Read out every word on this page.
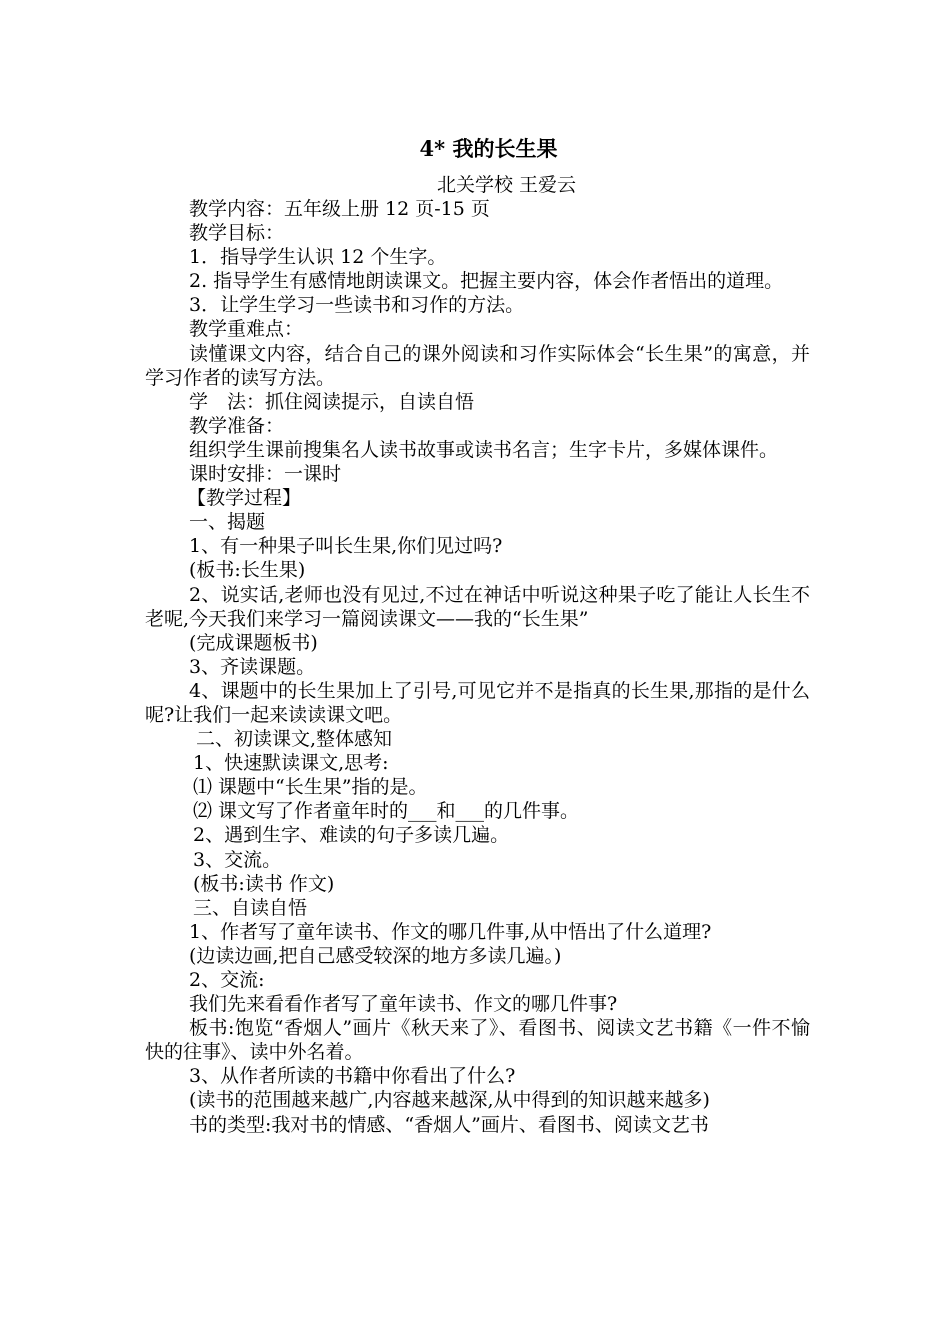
4* 我的长生果
北关学校 王爱云

教学内容：五年级上册 12 页-15 页

教学目标：

1．指导学生认识 12 个生字。

2. 指导学生有感情地朗读课文。把握主要内容，体会作者悟出的道理。

3．让学生学习一些读书和习作的方法。

教学重难点：

读懂课文内容，结合自己的课外阅读和习作实际体会“长生果”的寓意，并学习作者的读写方法。

学　法：抓住阅读提示，自读自悟

教学准备：

组织学生课前搜集名人读书故事或读书名言；生字卡片，多媒体课件。

课时安排：一课时

【教学过程】

一、揭题

1、有一种果子叫长生果,你们见过吗?

(板书:长生果)

2、说实话,老师也没有见过,不过在神话中听说这种果子吃了能让人长生不老呢,今天我们来学习一篇阅读课文——我的“长生果”

(完成课题板书)

3、齐读课题。

4、课题中的长生果加上了引号,可见它并不是指真的长生果,那指的是什么呢?让我们一起来读读课文吧。

二、初读课文,整体感知

1、快速默读课文,思考:

⑴ 课题中“长生果”指的是。

⑵ 课文写了作者童年时的___和___的几件事。

2、遇到生字、难读的句子多读几遍。

3、交流。

(板书:读书 作文)

三、自读自悟

1、作者写了童年读书、作文的哪几件事,从中悟出了什么道理?

(边读边画,把自己感受较深的地方多读几遍。)

2、交流:

我们先来看看作者写了童年读书、作文的哪几件事?

板书:饱览“香烟人”画片《秋天来了》、看图书、阅读文艺书籍《一件不愉快的往事》、读中外名着。

3、从作者所读的书籍中你看出了什么?

(读书的范围越来越广,内容越来越深,从中得到的知识越来越多)

书的类型:我对书的情感、“香烟人”画片、看图书、阅读文艺书
